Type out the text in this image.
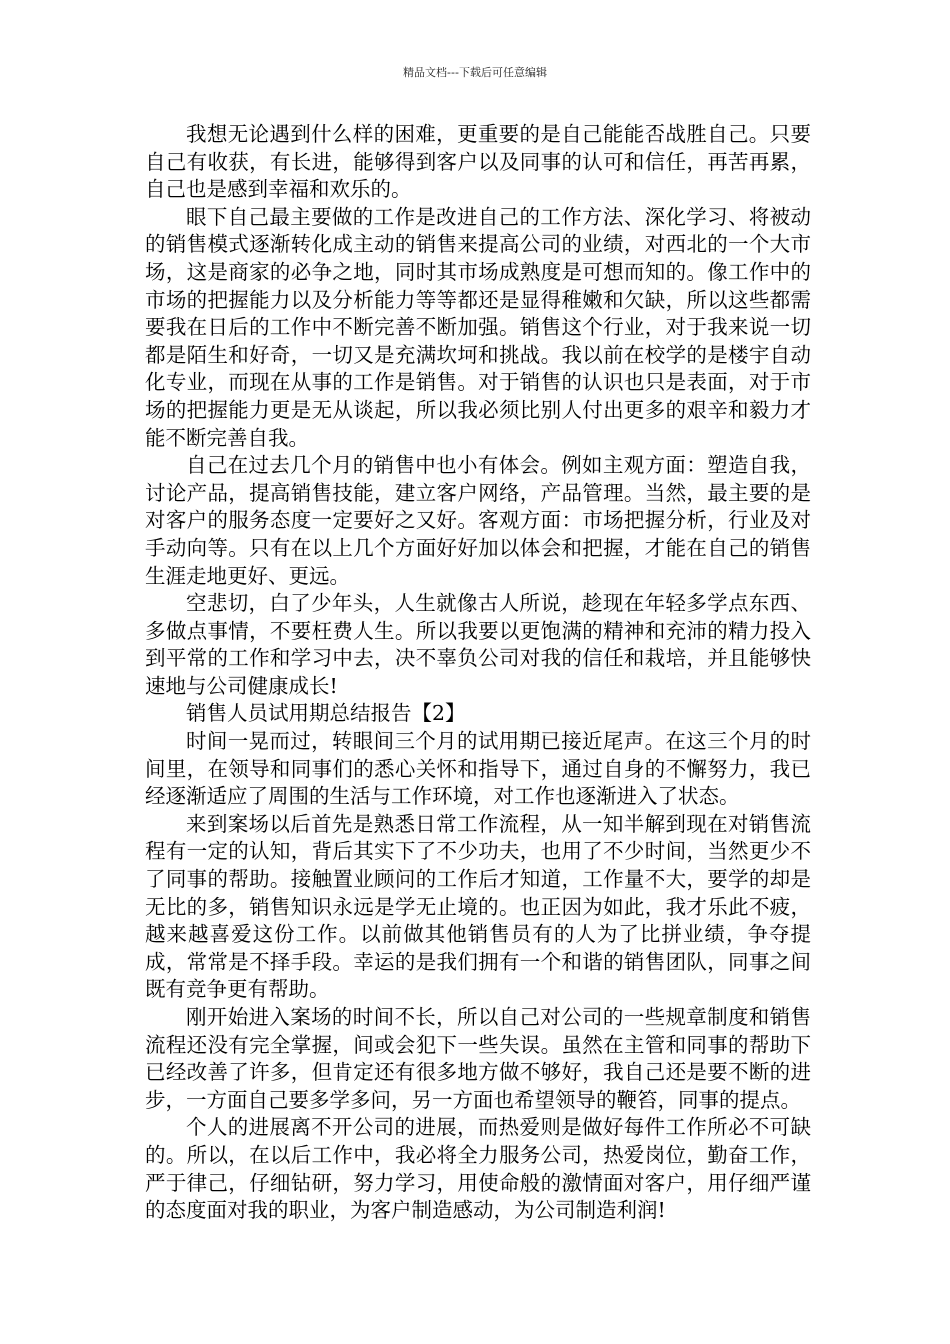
精品文档---下载后可任意编辑

我想无论遇到什么样的困难，更重要的是自己能能否战胜自己。只要自己有收获，有长进，能够得到客户以及同事的认可和信任，再苦再累，自己也是感到幸福和欢乐的。

眼下自己最主要做的工作是改进自己的工作方法、深化学习、将被动的销售模式逐渐转化成主动的销售来提高公司的业绩，对西北的一个大市场，这是商家的必争之地，同时其市场成熟度是可想而知的。像工作中的市场的把握能力以及分析能力等等都还是显得稚嫩和欠缺，所以这些都需要我在日后的工作中不断完善不断加强。销售这个行业，对于我来说一切都是陌生和好奇，一切又是充满坎坷和挑战。我以前在校学的是楼宇自动化专业，而现在从事的工作是销售。对于销售的认识也只是表面，对于市场的把握能力更是无从谈起，所以我必须比别人付出更多的艰辛和毅力才能不断完善自我。

自己在过去几个月的销售中也小有体会。例如主观方面：塑造自我，讨论产品，提高销售技能，建立客户网络，产品管理。当然，最主要的是对客户的服务态度一定要好之又好。客观方面：市场把握分析，行业及对手动向等。只有在以上几个方面好好加以体会和把握，才能在自己的销售生涯走地更好、更远。

空悲切，白了少年头，人生就像古人所说，趁现在年轻多学点东西、多做点事情，不要枉费人生。所以我要以更饱满的精神和充沛的精力投入到平常的工作和学习中去，决不辜负公司对我的信任和栽培，并且能够快速地与公司健康成长!

销售人员试用期总结报告【2】

时间一晃而过，转眼间三个月的试用期已接近尾声。在这三个月的时间里，在领导和同事们的悉心关怀和指导下，通过自身的不懈努力，我已经逐渐适应了周围的生活与工作环境，对工作也逐渐进入了状态。

来到案场以后首先是熟悉日常工作流程，从一知半解到现在对销售流程有一定的认知，背后其实下了不少功夫，也用了不少时间，当然更少不了同事的帮助。接触置业顾问的工作后才知道，工作量不大，要学的却是无比的多，销售知识永远是学无止境的。也正因为如此，我才乐此不疲，越来越喜爱这份工作。以前做其他销售员有的人为了比拼业绩，争夺提成，常常是不择手段。幸运的是我们拥有一个和谐的销售团队，同事之间既有竞争更有帮助。

刚开始进入案场的时间不长，所以自己对公司的一些规章制度和销售流程还没有完全掌握，间或会犯下一些失误。虽然在主管和同事的帮助下已经改善了许多，但肯定还有很多地方做不够好，我自己还是要不断的进步，一方面自己要多学多问，另一方面也希望领导的鞭笞，同事的提点。

个人的进展离不开公司的进展，而热爱则是做好每件工作所必不可缺的。所以，在以后工作中，我必将全力服务公司，热爱岗位，勤奋工作，严于律己，仔细钻研，努力学习，用使命般的激情面对客户，用仔细严谨的态度面对我的职业，为客户制造感动，为公司制造利润!
